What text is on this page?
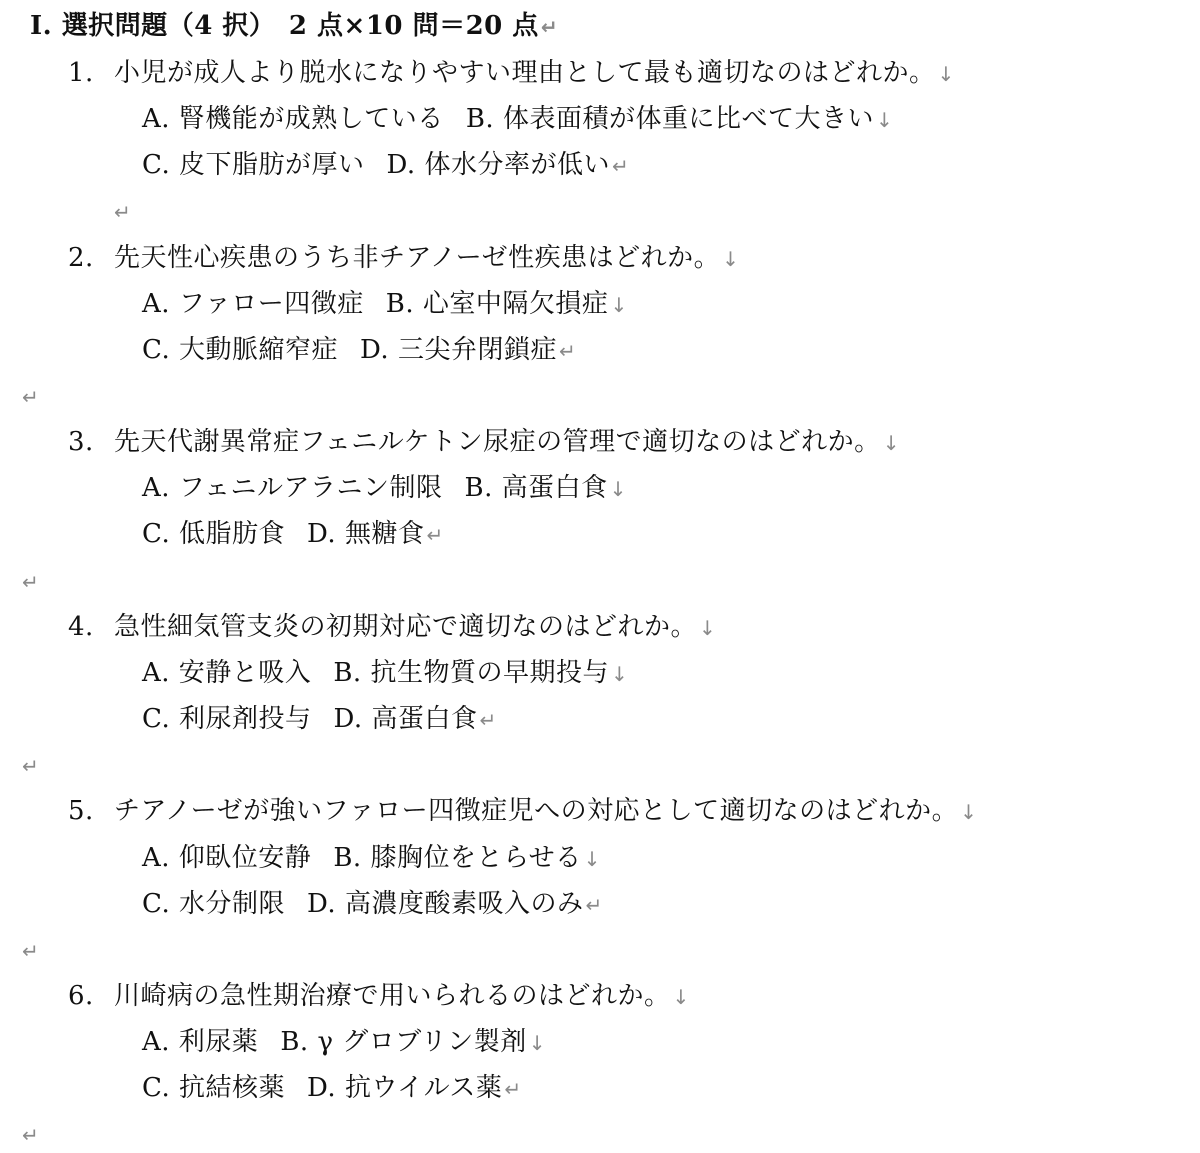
Ⅰ. 選択問題（4 択）　2 点×10 問＝20 点 ↵
1. 小児が成人より脱水になりやすい理由として最も適切なのはどれか。 ↓
A. 腎機能が成熟している B. 体表面積が体重に比べて大きい ↓
C. 皮下脂肪が厚い D. 体水分率が低い ↵
↵
2. 先天性心疾患のうち非チアノーゼ性疾患はどれか。 ↓
A. ファロー四徴症 B. 心室中隔欠損症 ↓
C. 大動脈縮窄症 D. 三尖弁閉鎖症 ↵
↵
3. 先天代謝異常症フェニルケトン尿症の管理で適切なのはどれか。 ↓
A. フェニルアラニン制限 B. 高蛋白食 ↓
C. 低脂肪食 D. 無糖食 ↵
↵
4. 急性細気管支炎の初期対応で適切なのはどれか。 ↓
A. 安静と吸入 B. 抗生物質の早期投与 ↓
C. 利尿剤投与 D. 高蛋白食 ↵
↵
5. チアノーゼが強いファロー四徴症児への対応として適切なのはどれか。 ↓
A. 仰臥位安静 B. 膝胸位をとらせる ↓
C. 水分制限 D. 高濃度酸素吸入のみ ↵
↵
6. 川崎病の急性期治療で用いられるのはどれか。 ↓
A. 利尿薬 B. γ グロブリン製剤 ↓
C. 抗結核薬 D. 抗ウイルス薬 ↵
↵
